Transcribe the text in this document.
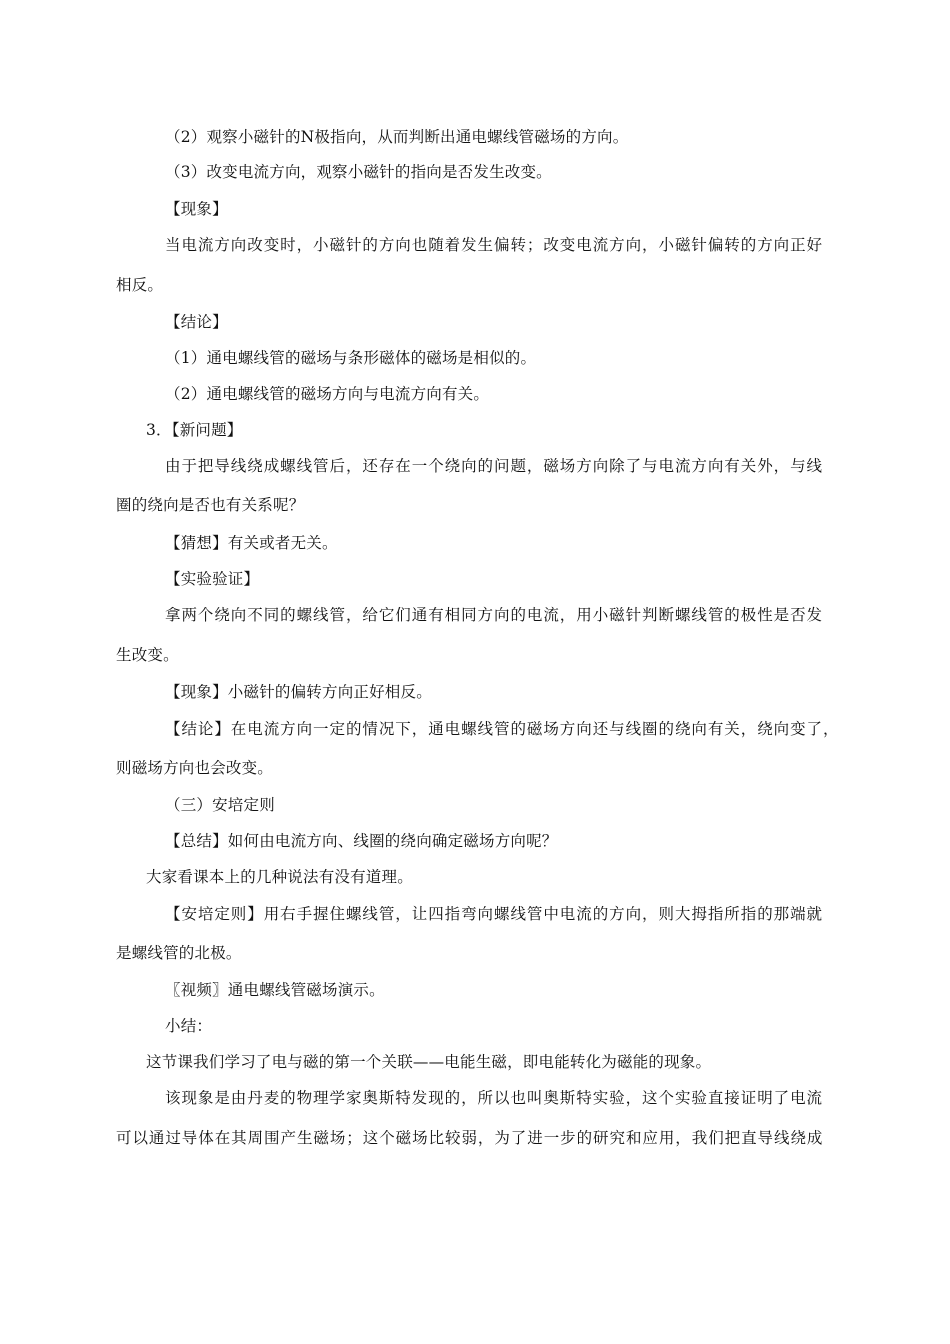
（2）观察小磁针的N极指向，从而判断出通电螺线管磁场的方向。
（3）改变电流方向，观察小磁针的指向是否发生改变。
【现象】
当电流方向改变时，小磁针的方向也随着发生偏转；改变电流方向，小磁针偏转的方向正好
相反。
【结论】
（1）通电螺线管的磁场与条形磁体的磁场是相似的。
（2）通电螺线管的磁场方向与电流方向有关。
3．【新问题】
由于把导线绕成螺线管后，还存在一个绕向的问题，磁场方向除了与电流方向有关外，与线
圈的绕向是否也有关系呢？
【猜想】有关或者无关。
【实验验证】
拿两个绕向不同的螺线管，给它们通有相同方向的电流，用小磁针判断螺线管的极性是否发
生改变。
【现象】小磁针的偏转方向正好相反。
【结论】在电流方向一定的情况下，通电螺线管的磁场方向还与线圈的绕向有关，绕向变了，
则磁场方向也会改变。
（三）安培定则
【总结】如何由电流方向、线圈的绕向确定磁场方向呢？
大家看课本上的几种说法有没有道理。
【安培定则】用右手握住螺线管，让四指弯向螺线管中电流的方向，则大拇指所指的那端就
是螺线管的北极。
〖视频〗通电螺线管磁场演示。
小结：
这节课我们学习了电与磁的第一个关联——电能生磁，即电能转化为磁能的现象。
该现象是由丹麦的物理学家奥斯特发现的，所以也叫奥斯特实验，这个实验直接证明了电流
可以通过导体在其周围产生磁场；这个磁场比较弱，为了进一步的研究和应用，我们把直导线绕成
